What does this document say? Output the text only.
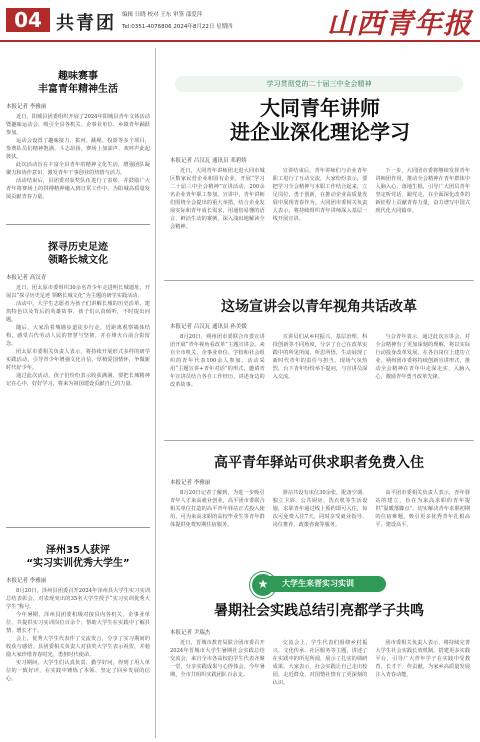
04 共青团 编辑 日晓 校对 王东 审签 邵爱萍
Tel:0351-4076806 2024年8月22日 星期四	山西青年报
趣味赛事
丰富青年精神生活
本报记者 李雅丽

近日，阳城县团委组织开展了2024年阳城县青年文体活动暨趣味运动会，吸引全县各机关、企事业单位、乡镇青年踊跃参加。

运动会设置了趣味接力、拔河、跳绳、投篮等多个项目，参赛队员们精神饱满、斗志昂扬，赛场上加油声、欢呼声此起彼伏。

此次活动旨在丰富全县青年的精神文化生活，增强团队凝聚力和协作意识，激发青年干事创业的热情与活力。

活动结束后，县团委对获奖队伍进行了表彰，并鼓励广大青年将赛场上的拼搏精神融入到日常工作中，为阳城高质量发展贡献青春力量。

探寻历史足迹
领略长城文化
本报记者 高汉青

近日，团太原市委组织30余名青少年走进明长城遗址，开展以“探寻历史足迹 领略长城文化”为主题的研学实践活动。

活动中，大学生志愿者为孩子们讲解长城的历史沿革、建筑特色以及背后的英雄故事，孩子们认真倾听，不时提出问题。

随后，大家沿着城墙步道徒步行走，近距离观察墙体结构，感受古代劳动人民的智慧与坚韧，并在烽火台前合影留念。

团太原市委相关负责人表示，将持续开展形式多样的研学实践活动，引导青少年增强文化自信，厚植爱国情怀，争做新时代好少年。

通过此次活动，孩子们纷纷表示收获满满，要把长城精神记在心中，好好学习，将来为祖国建设贡献自己的力量。

泽州35人获评
“实习实训优秀大学生”
本报记者 李雅丽

8月20日，泽州县团委召开2024年泽州县大学生实习实训总结表彰会，对表现突出的35名大学生授予“实习实训优秀大学生”称号。

今年暑期，泽州县团委积极对接县内各机关、企事业单位，共提供实习实训岗位百余个，帮助大学生在实践中了解县情、增长才干。

会上，优秀大学生代表作了交流发言，分享了实习期间的收获与感悟。县团委相关负责人对获奖大学生表示祝贺，并勉励大家珍惜青春时光，勇担时代使命。

实习期间，大学生们认真负责、勤学好问，得到了用人单位的一致好评，在实践中锤炼了本领、坚定了回乡发展的信心。

学习贯彻党的二十届三中全会精神
大同青年讲师
进企业深化理论学习
本报记者 吕汉瓦 通讯员 邓碧娇

近日，大同青年讲师团走进大同市城区数家民营企业和国有企业，开展“学习二十届三中全会精神”宣讲活动，200余名企业青年职工参加。宣讲中，青年讲师们围绕全会提出的重大举措，结合企业发展实际和青年成长需求，用通俗易懂的语言、鲜活生动的案例，深入浅出地解读全会精神。

宣讲结束后，青年讲师们与企业青年职工进行了互动交流，大家纷纷表示，要把学习全会精神与本职工作结合起来，立足岗位、勇于创新，在推动企业高质量发展中展现青春作为。大同团市委相关负责人表示，将持续组织青年讲师深入基层一线开展宣讲。

下一步，大同团市委将继续发挥青年讲师团作用，推动全会精神在青年群体中入脑入心、落地生根，引导广大团员青年坚定听党话、跟党走，在全面深化改革的新征程上贡献青春力量，奋力谱写中国式现代化大同篇章。

这场宣讲会以青年视角共话改革
本报记者 吕汉瓦 通讯员 孙美媛

8月20日，朔州团市委联合市委宣讲团开展“青年视角看改革”主题宣讲会。来自全市机关、企事业单位、学校和社会组织的青年代表100余人参加。活动采用“主题宣讲+青年对话”的形式，邀请青年宣讲员结合各自工作经历，讲述身边的改革故事。

宣讲员们从乡村振兴、基层治理、科技创新等不同角度，分享了自己在改革实践中的所见所闻、所思所悟，生动展现了新时代青年的责任与担当。现场气氛热烈，台下青年纷纷举手提问，与宣讲员深入交流。

与会青年表示，通过此次宣讲会，对全会精神有了更加深刻的理解，将以实际行动投身改革发展，在各自岗位上建功立业。朔州团市委将持续创新宣讲形式，推动全会精神在青年中走深走实、入脑入心，激励青年勇当改革先锋。

高平青年驿站可供求职者免费入住
本报记者 李雅丽

8月20日记者了解到，为进一步吸引青年人才来高就业创业，高平团市委联合相关单位打造的高平青年驿站正式投入使用，可为来高求职的高校毕业生等青年群体提供免费短期住宿服务。

驿站共设有床位30余张，配备空调、独立卫浴、公共厨房、洗衣机等生活设施，求职青年通过线上预约即可入住，每次可免费入住7天，同时享受就业指导、岗位推荐、政策咨询等服务。

高平团市委相关负责人表示，青年驿站的建立，旨在为来高求职的青年提供“温暖落脚点”，切实解决青年求职初期的住宿难题，吸引更多优秀青年扎根高平、建设高平。

大学生来晋实习实训
★
暑期社会实践总结引亮都学子共鸣
本报记者 尹瑞杰

近日，晋城市教育局联合团市委召开2024年晋城市大学生暑期社会实践总结交流会，来自全市各高校的学生代表齐聚一堂，分享实践成果与心得体会。今年暑期，全市共组织实践团队百余支。

交流会上，学生代表们围绕乡村振兴、文化传承、社区服务等主题，讲述了在实践中的所见所闻，展示了扎实的调研成果。大家表示，社会实践让自己走出校园、走近群众，对国情社情有了更深刻的认识。

团市委相关负责人表示，将持续完善大学生社会实践长效机制，搭建更多实践平台，引导广大青年学子在实践中受教育、长才干、作贡献，为家乡高质量发展注入青春动能。
